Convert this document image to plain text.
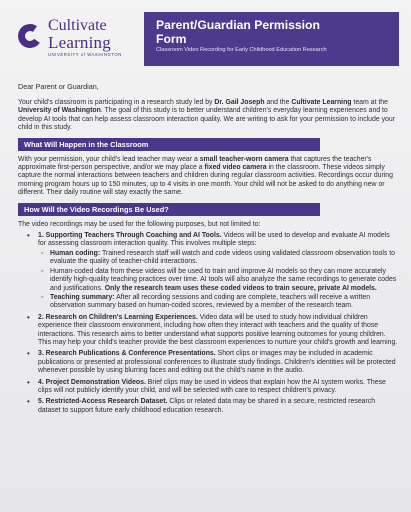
Cultivate
Learning
UNIVERSITY of WASHINGTON
Parent/Guardian Permission
Form
Classroom Video Recording for Early Childhood Education Research

Dear Parent or Guardian,

Your child's classroom is participating in a research study led by Dr. Gail Joseph and the Cultivate Learning team at the University of Washington. The goal of this study is to better understand children's everyday learning experiences and to develop AI tools that can help assess classroom interaction quality. We are writing to ask for your permission to include your child in this study.

What Will Happen in the Classroom

With your permission, your child's lead teacher may wear a small teacher-worn camera that captures the teacher's approximate first-person perspective, and/or we may place a fixed video camera in the classroom. These videos simply capture the normal interactions between teachers and children during regular classroom activities. Recordings occur during morning program hours up to 150 minutes, up to 4 visits in one month. Your child will not be asked to do anything new or different. Their daily routine will stay exactly the same.

How Will the Video Recordings Be Used?

The video recordings may be used for the following purposes, but not limited to:

• 1. Supporting Teachers Through Coaching and AI Tools. Videos will be used to develop and evaluate AI models for assessing classroom interaction quality. This involves multiple steps:
◦ Human coding: Trained research staff will watch and code videos using validated classroom observation tools to evaluate the quality of teacher-child interactions.
◦ Human-coded data from these videos will be used to train and improve AI models so they can more accurately identify high-quality teaching practices over time. AI tools will also analyze the same recordings to generate codes and justifications. Only the research team uses these coded videos to train secure, private AI models.
◦ Teaching summary: After all recording sessions and coding are complete, teachers will receive a written observation summary based on human-coded scores, reviewed by a member of the research team.
• 2. Research on Children's Learning Experiences. Video data will be used to study how individual children experience their classroom environment, including how often they interact with teachers and the quality of those interactions. This research aims to better understand what supports positive learning outcomes for young children. This may help your child's teacher provide the best classroom experiences to nurture your child's growth and learning.
• 3. Research Publications & Conference Presentations. Short clips or images may be included in academic publications or presented at professional conferences to illustrate study findings. Children's identities will be protected whenever possible by using blurring faces and editing out the child's name in the audio.
• 4. Project Demonstration Videos. Brief clips may be used in videos that explain how the AI system works. These clips will not publicly identify your child, and will be selected with care to respect children's privacy.
• 5. Restricted-Access Research Dataset. Clips or related data may be shared in a secure, restricted research dataset to support future early childhood education research.
